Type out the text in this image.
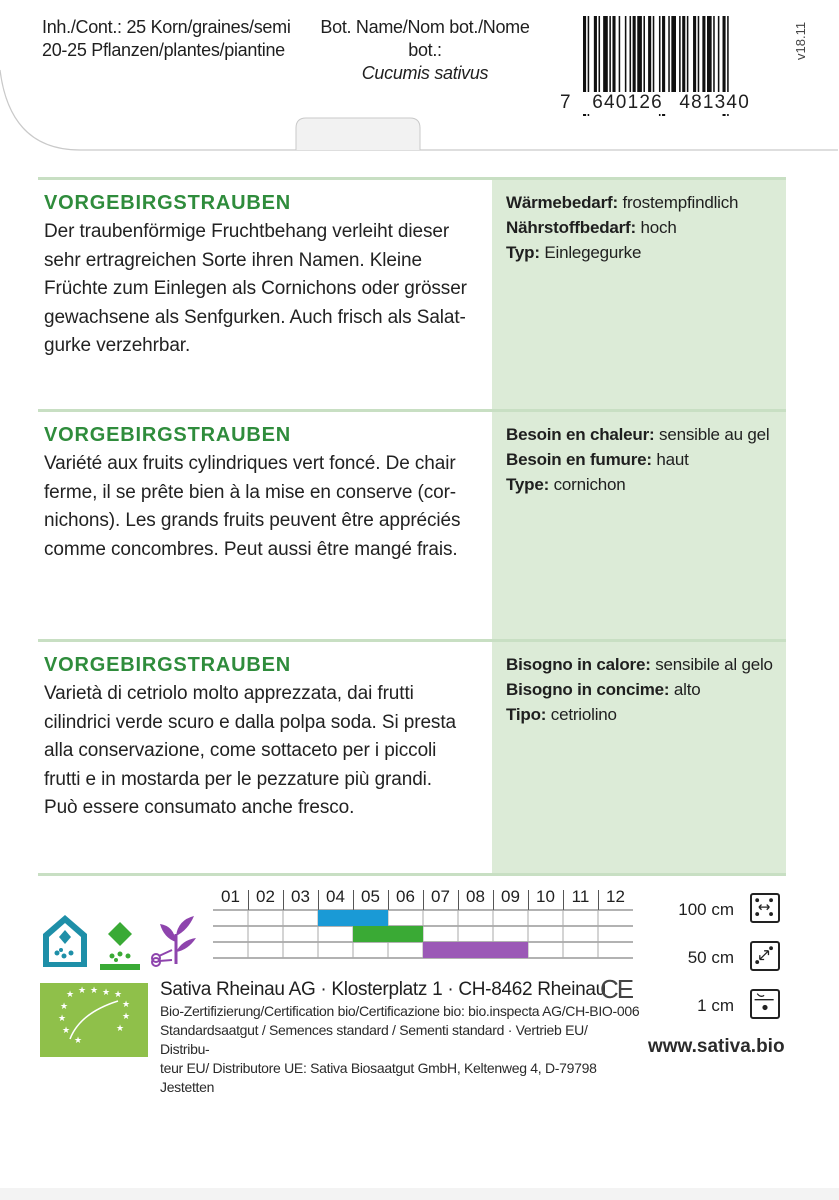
Inh./Cont.: 25 Korn/graines/semi
20-25 Pflanzen/plantes/piantine
Bot. Name/Nom bot./Nome bot.:
Cucumis sativus
7 640126 481340
v18.11
VORGEBIRGSTRAUBEN
Der traubenförmige Fruchtbehang verleiht dieser
sehr ertragreichen Sorte ihren Namen. Kleine
Früchte zum Einlegen als Cornichons oder grösser
gewachsene als Senfgurken. Auch frisch als Salat-
gurke verzehrbar.
Wärmebedarf: frostempfindlich
Nährstoffbedarf: hoch
Typ: Einlegegurke
VORGEBIRGSTRAUBEN
Variété aux fruits cylindriques vert foncé. De chair
ferme, il se prête bien à la mise en conserve (cor-
nichons). Les grands fruits peuvent être appréciés
comme concombres. Peut aussi être mangé frais.
Besoin en chaleur: sensible au gel
Besoin en fumure: haut
Type: cornichon
VORGEBIRGSTRAUBEN
Varietà di cetriolo molto apprezzata, dai frutti
cilindrici verde scuro e dalla polpa soda. Si presta
alla conservazione, come sottaceto per i piccoli
frutti e in mostarda per le pezzature più grandi.
Può essere consumato anche fresco.
Bisogno in calore: sensibile al gelo
Bisogno in concime: alto
Tipo: cetriolino
01 02 03 04 05 06 07 08 09 10 11 12
★ ★ ★ ★ ★
★	★
★	★
★	★
★
Sativa Rheinau AG · Klosterplatz 1 · CH-8462 Rheinau
Bio-Zertifizierung/Certification bio/Certificazione bio: bio.inspecta AG/CH-BIO-006
Standardsaatgut / Semences standard / Sementi standard · Vertrieb EU/ Distribu-
teur EU/ Distributore UE: Sativa Biosaatgut GmbH, Keltenweg 4, D-79798 Jestetten
CE
100 cm
50 cm
1 cm
www.sativa.bio
